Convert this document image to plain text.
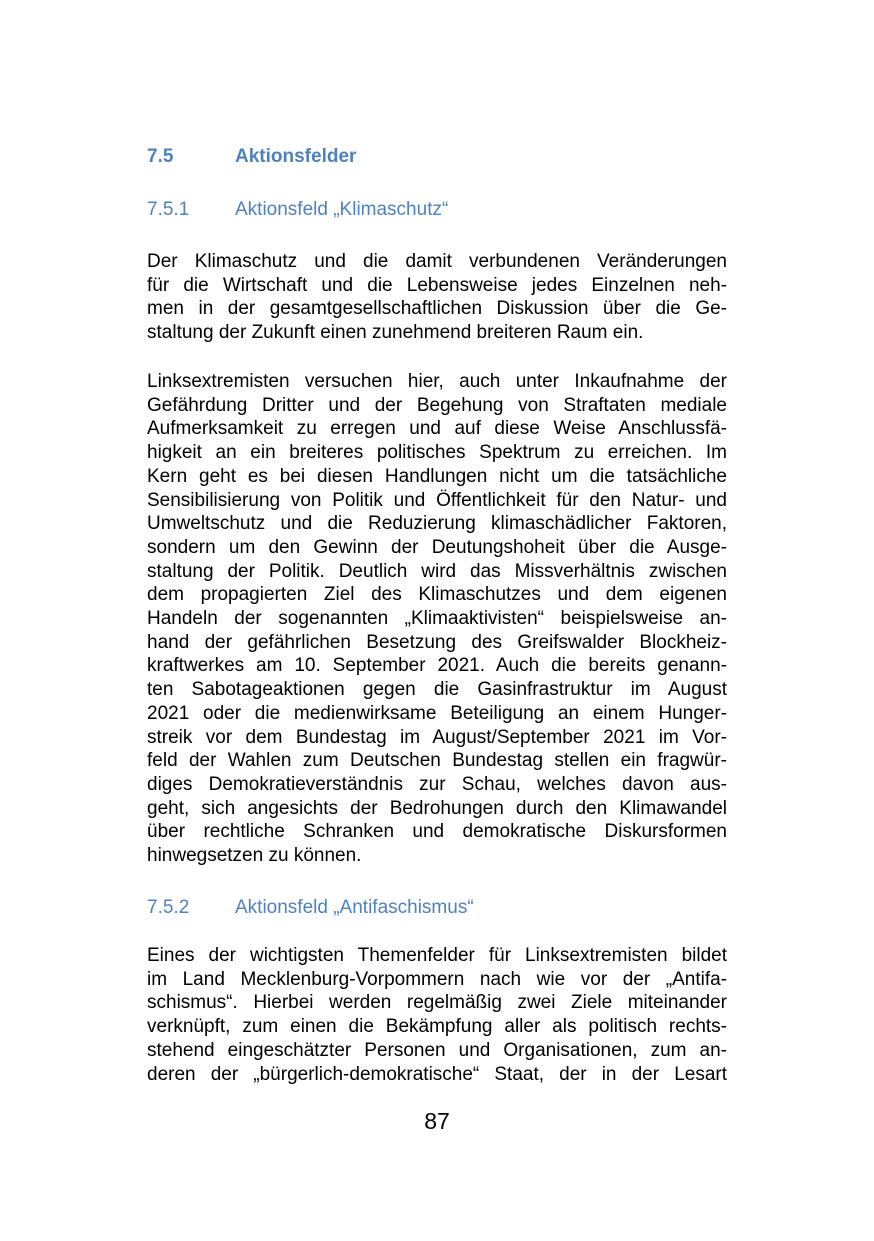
7.5	Aktionsfelder
7.5.1	Aktionsfeld „Klimaschutz“

Der Klimaschutz und die damit verbundenen Veränderungen
für die Wirtschaft und die Lebensweise jedes Einzelnen neh-
men in der gesamtgesellschaftlichen Diskussion über die Ge-
staltung der Zukunft einen zunehmend breiteren Raum ein.

Linksextremisten versuchen hier, auch unter Inkaufnahme der
Gefährdung Dritter und der Begehung von Straftaten mediale
Aufmerksamkeit zu erregen und auf diese Weise Anschlussfä-
higkeit an ein breiteres politisches Spektrum zu erreichen. Im
Kern geht es bei diesen Handlungen nicht um die tatsächliche
Sensibilisierung von Politik und Öffentlichkeit für den Natur- und
Umweltschutz und die Reduzierung klimaschädlicher Faktoren,
sondern um den Gewinn der Deutungshoheit über die Ausge-
staltung der Politik. Deutlich wird das Missverhältnis zwischen
dem propagierten Ziel des Klimaschutzes und dem eigenen
Handeln der sogenannten „Klimaaktivisten“ beispielsweise an-
hand der gefährlichen Besetzung des Greifswalder Blockheiz-
kraftwerkes am 10. September 2021. Auch die bereits genann-
ten Sabotageaktionen gegen die Gasinfrastruktur im August
2021 oder die medienwirksame Beteiligung an einem Hunger-
streik vor dem Bundestag im August/September 2021 im Vor-
feld der Wahlen zum Deutschen Bundestag stellen ein fragwür-
diges Demokratieverständnis zur Schau, welches davon aus-
geht, sich angesichts der Bedrohungen durch den Klimawandel
über rechtliche Schranken und demokratische Diskursformen
hinwegsetzen zu können.

7.5.2	Aktionsfeld „Antifaschismus“

Eines der wichtigsten Themenfelder für Linksextremisten bildet
im Land Mecklenburg-Vorpommern nach wie vor der „Antifa-
schismus“. Hierbei werden regelmäßig zwei Ziele miteinander
verknüpft, zum einen die Bekämpfung aller als politisch rechts-
stehend eingeschätzter Personen und Organisationen, zum an-
deren der „bürgerlich-demokratische“ Staat, der in der Lesart

87
